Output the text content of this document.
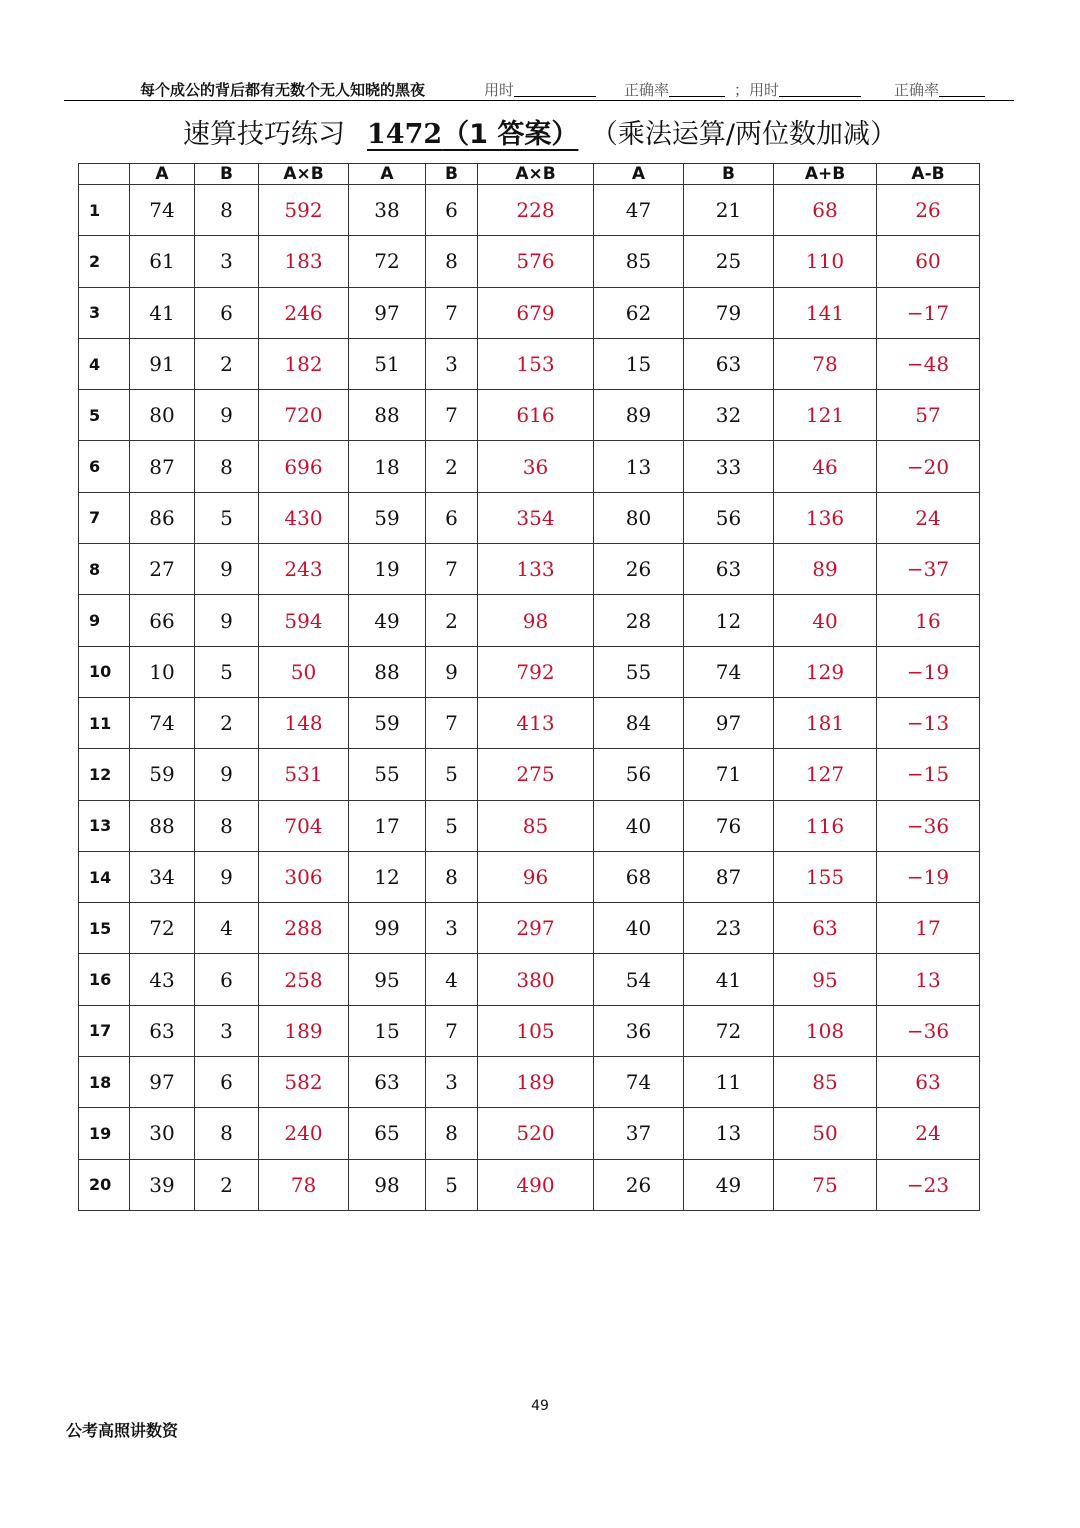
每个成公的背后都有无数个无人知晓的黑夜	用时	正确率	；用时	正确率
速算技巧练习 1472（1 答案） （乘法运算/两位数加减）
	A	B	A×B	A	B	A×B	A	B	A+B	A-B
1	74	8	592	38	6	228	47	21	68	26
2	61	3	183	72	8	576	85	25	110	60
3	41	6	246	97	7	679	62	79	141	−17
4	91	2	182	51	3	153	15	63	78	−48
5	80	9	720	88	7	616	89	32	121	57
6	87	8	696	18	2	36	13	33	46	−20
7	86	5	430	59	6	354	80	56	136	24
8	27	9	243	19	7	133	26	63	89	−37
9	66	9	594	49	2	98	28	12	40	16
10	10	5	50	88	9	792	55	74	129	−19
11	74	2	148	59	7	413	84	97	181	−13
12	59	9	531	55	5	275	56	71	127	−15
13	88	8	704	17	5	85	40	76	116	−36
14	34	9	306	12	8	96	68	87	155	−19
15	72	4	288	99	3	297	40	23	63	17
16	43	6	258	95	4	380	54	41	95	13
17	63	3	189	15	7	105	36	72	108	−36
18	97	6	582	63	3	189	74	11	85	63
19	30	8	240	65	8	520	37	13	50	24
20	39	2	78	98	5	490	26	49	75	−23
49
公考高照讲数资
